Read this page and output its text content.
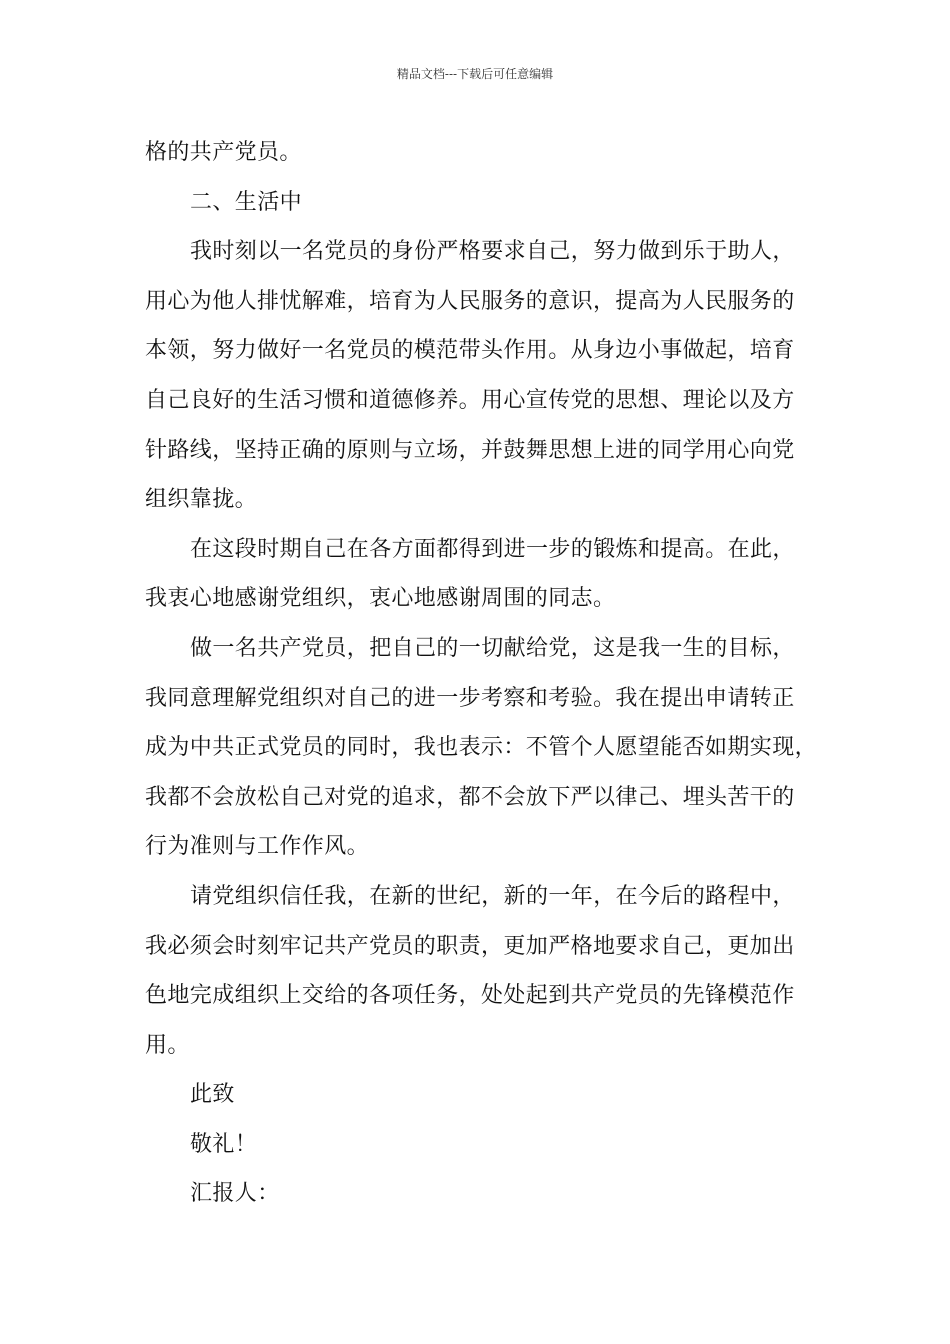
精品文档---下载后可任意编辑
格的共产党员。
二、生活中
我时刻以一名党员的身份严格要求自己，努力做到乐于助人，
用心为他人排忧解难，培育为人民服务的意识，提高为人民服务的
本领，努力做好一名党员的模范带头作用。从身边小事做起，培育
自己良好的生活习惯和道德修养。用心宣传党的思想、理论以及方
针路线，坚持正确的原则与立场，并鼓舞思想上进的同学用心向党
组织靠拢。
在这段时期自己在各方面都得到进一步的锻炼和提高。在此，
我衷心地感谢党组织，衷心地感谢周围的同志。
做一名共产党员，把自己的一切献给党，这是我一生的目标，
我同意理解党组织对自己的进一步考察和考验。我在提出申请转正
成为中共正式党员的同时，我也表示：不管个人愿望能否如期实现，
我都不会放松自己对党的追求，都不会放下严以律己、埋头苦干的
行为准则与工作作风。
请党组织信任我，在新的世纪，新的一年，在今后的路程中，
我必须会时刻牢记共产党员的职责，更加严格地要求自己，更加出
色地完成组织上交给的各项任务，处处起到共产党员的先锋模范作
用。
此致
敬礼！
汇报人：
